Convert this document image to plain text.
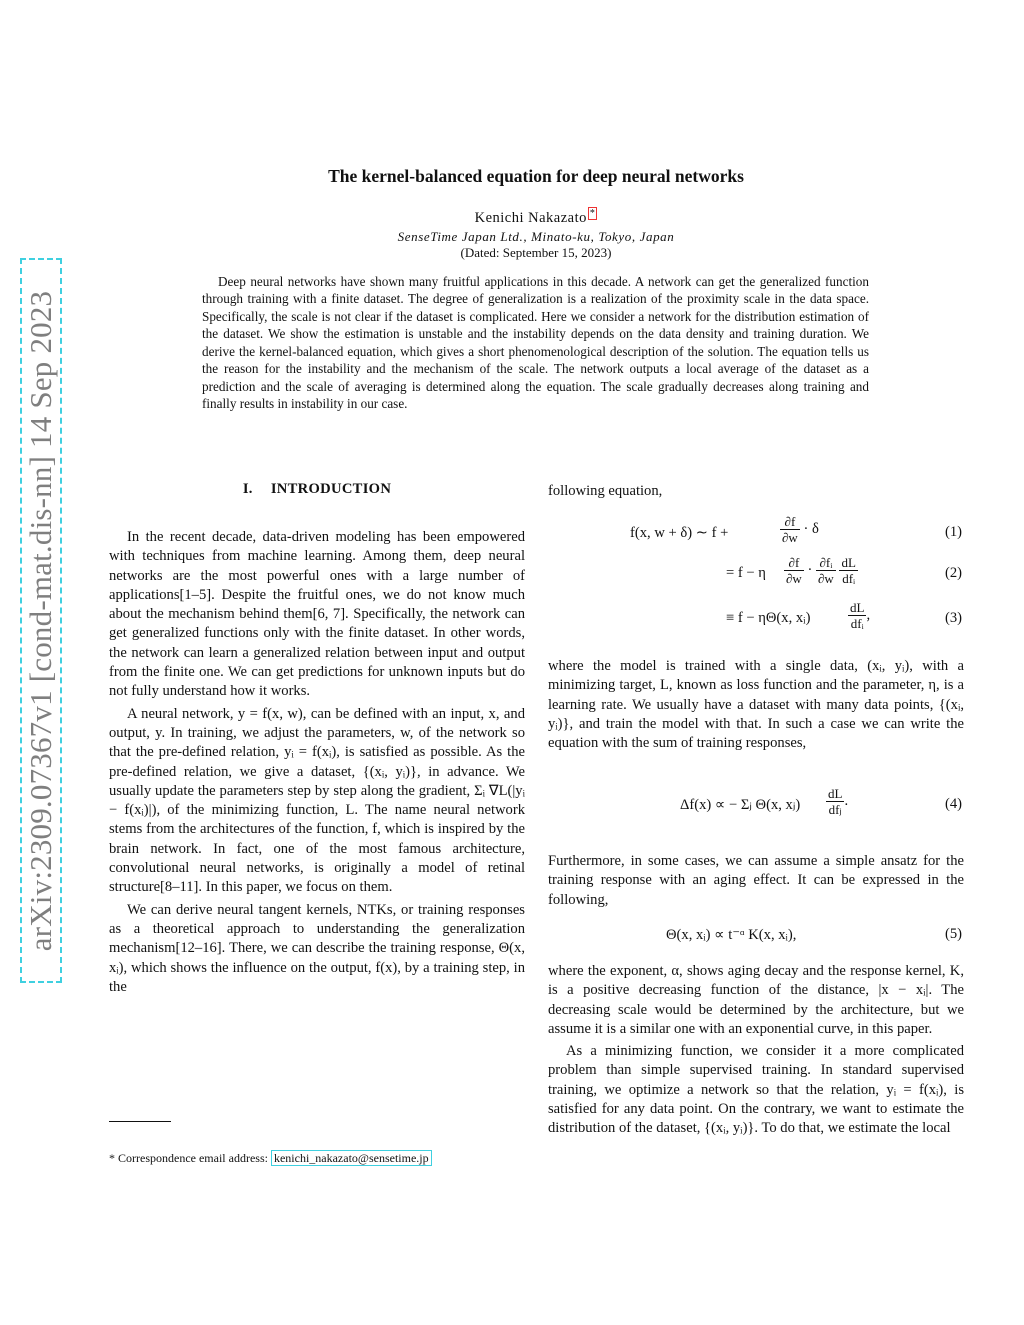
arXiv:2309.07367v1 [cond-mat.dis-nn] 14 Sep 2023
The kernel-balanced equation for deep neural networks
Kenichi Nakazato *
SenseTime Japan Ltd., Minato-ku, Tokyo, Japan
(Dated: September 15, 2023)
Deep neural networks have shown many fruitful applications in this decade. A network can get the generalized function through training with a finite dataset. The degree of generalization is a realization of the proximity scale in the data space. Specifically, the scale is not clear if the dataset is complicated. Here we consider a network for the distribution estimation of the dataset. We show the estimation is unstable and the instability depends on the data density and training duration. We derive the kernel-balanced equation, which gives a short phenomenological description of the solution. The equation tells us the reason for the instability and the mechanism of the scale. The network outputs a local average of the dataset as a prediction and the scale of averaging is determined along the equation. The scale gradually decreases along training and finally results in instability in our case.
I. INTRODUCTION

In the recent decade, data-driven modeling has been empowered with techniques from machine learning. Among them, deep neural networks are the most powerful ones with a large number of applications[1–5]. Despite the fruitful ones, we do not know much about the mechanism behind them[6, 7]. Specifically, the network can get generalized functions only with the finite dataset. In other words, the network can learn a generalized relation between input and output from the finite one. We can get predictions for unknown inputs but do not fully understand how it works.

A neural network, y = f(x, w), can be defined with an input, x, and output, y. In training, we adjust the parameters, w, of the network so that the pre-defined relation, yᵢ = f(xᵢ), is satisfied as possible. As the pre-defined relation, we give a dataset, {(xᵢ, yᵢ)}, in advance. We usually update the parameters step by step along the gradient, Σᵢ ∇L(|yᵢ − f(xᵢ)|), of the minimizing function, L. The name neural network stems from the architectures of the function, f, which is inspired by the brain network. In fact, one of the most famous architecture, convolutional neural networks, is originally a model of retinal structure[8–11]. In this paper, we focus on them.

We can derive neural tangent kernels, NTKs, or training responses as a theoretical approach to understanding the generalization mechanism[12–16]. There, we can describe the training response, Θ(x, xᵢ), which shows the influence on the output, f(x), by a training step, in the

following equation,

f(x, w + δ) ∼ f +	$\frac{\partial f}{\partial w} \cdot \delta$	(1)
= f − η $\frac{\partial f}{\partial w} \cdot \frac{\text{∂fᵢ}}{\partial w}$
$\frac{dL}{\text{dfᵢ}}$	(2)
≡ f − ηΘ(x, xᵢ)	$\frac{dL}{\text{dfᵢ}}$ ,	(3)

where the model is trained with a single data, (xᵢ, yᵢ), with a minimizing target, L, known as loss function and the parameter, η, is a learning rate. We usually have a dataset with many data points, {(xᵢ, yᵢ)}, and train the model with that. In such a case we can write the equation with the sum of training responses,

Δf(x) ∝ − Σⱼ Θ(x, xⱼ) $\frac{dL}{\text{dfⱼ}}$ .	(4)

Furthermore, in some cases, we can assume a simple ansatz for the training response with an aging effect. It can be expressed in the following,

Θ(x, xᵢ) ∝ t⁻ᵅ K(x, xᵢ),	(5)

where the exponent, α, shows aging decay and the response kernel, K, is a positive decreasing function of the distance, |x − xᵢ|. The decreasing scale would be determined by the architecture, but we assume it is a similar one with an exponential curve, in this paper.

As a minimizing function, we consider it a more complicated problem than simple supervised training. In standard supervised training, we optimize a network so that the relation, yᵢ = f(xᵢ), is satisfied for any data point. On the contrary, we want to estimate the distribution of the dataset, {(xᵢ, yᵢ)}. To do that, we estimate the local

* Correspondence email address: kenichi_nakazato@sensetime.jp
